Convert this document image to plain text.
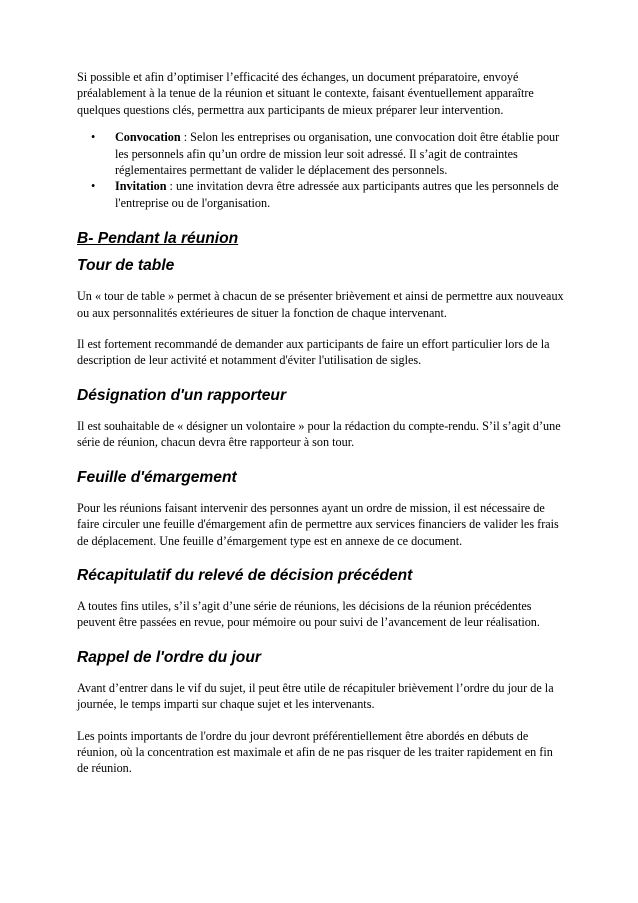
Si possible et afin d’optimiser l’efficacité des échanges, un document préparatoire, envoyé préalablement à la tenue de la réunion et situant le contexte, faisant éventuellement apparaître quelques questions clés, permettra aux participants de mieux préparer leur intervention.

• Convocation : Selon les entreprises ou organisation, une convocation doit être établie pour les personnels afin qu’un ordre de mission leur soit adressé. Il s’agit de contraintes réglementaires permettant de valider le déplacement des personnels.
• Invitation : une invitation devra être adressée aux participants autres que les personnels de l'entreprise ou de l'organisation.
B- Pendant la réunion
Tour de table

Un « tour de table » permet à chacun de se présenter brièvement et ainsi de permettre aux nouveaux ou aux personnalités extérieures de situer la fonction de chaque intervenant.

Il est fortement recommandé de demander aux participants de faire un effort particulier lors de la description de leur activité et notamment d'éviter l'utilisation de sigles.

Désignation d'un rapporteur

Il est souhaitable de « désigner un volontaire » pour la rédaction du compte-rendu. S’il s’agit d’une série de réunion, chacun devra être rapporteur à son tour.

Feuille d'émargement

Pour les réunions faisant intervenir des personnes ayant un ordre de mission, il est nécessaire de faire circuler une feuille d'émargement afin de permettre aux services financiers de valider les frais de déplacement. Une feuille d’émargement type est en annexe de ce document.

Récapitulatif du relevé de décision précédent

A toutes fins utiles, s’il s’agit d’une série de réunions, les décisions de la réunion précédentes peuvent être passées en revue, pour mémoire ou pour suivi de l’avancement de leur réalisation.

Rappel de l'ordre du jour

Avant d’entrer dans le vif du sujet, il peut être utile de récapituler brièvement l’ordre du jour de la journée, le temps imparti sur chaque sujet et les intervenants.

Les points importants de l'ordre du jour devront préférentiellement être abordés en débuts de réunion, où la concentration est maximale et afin de ne pas risquer de les traiter rapidement en fin de réunion.
